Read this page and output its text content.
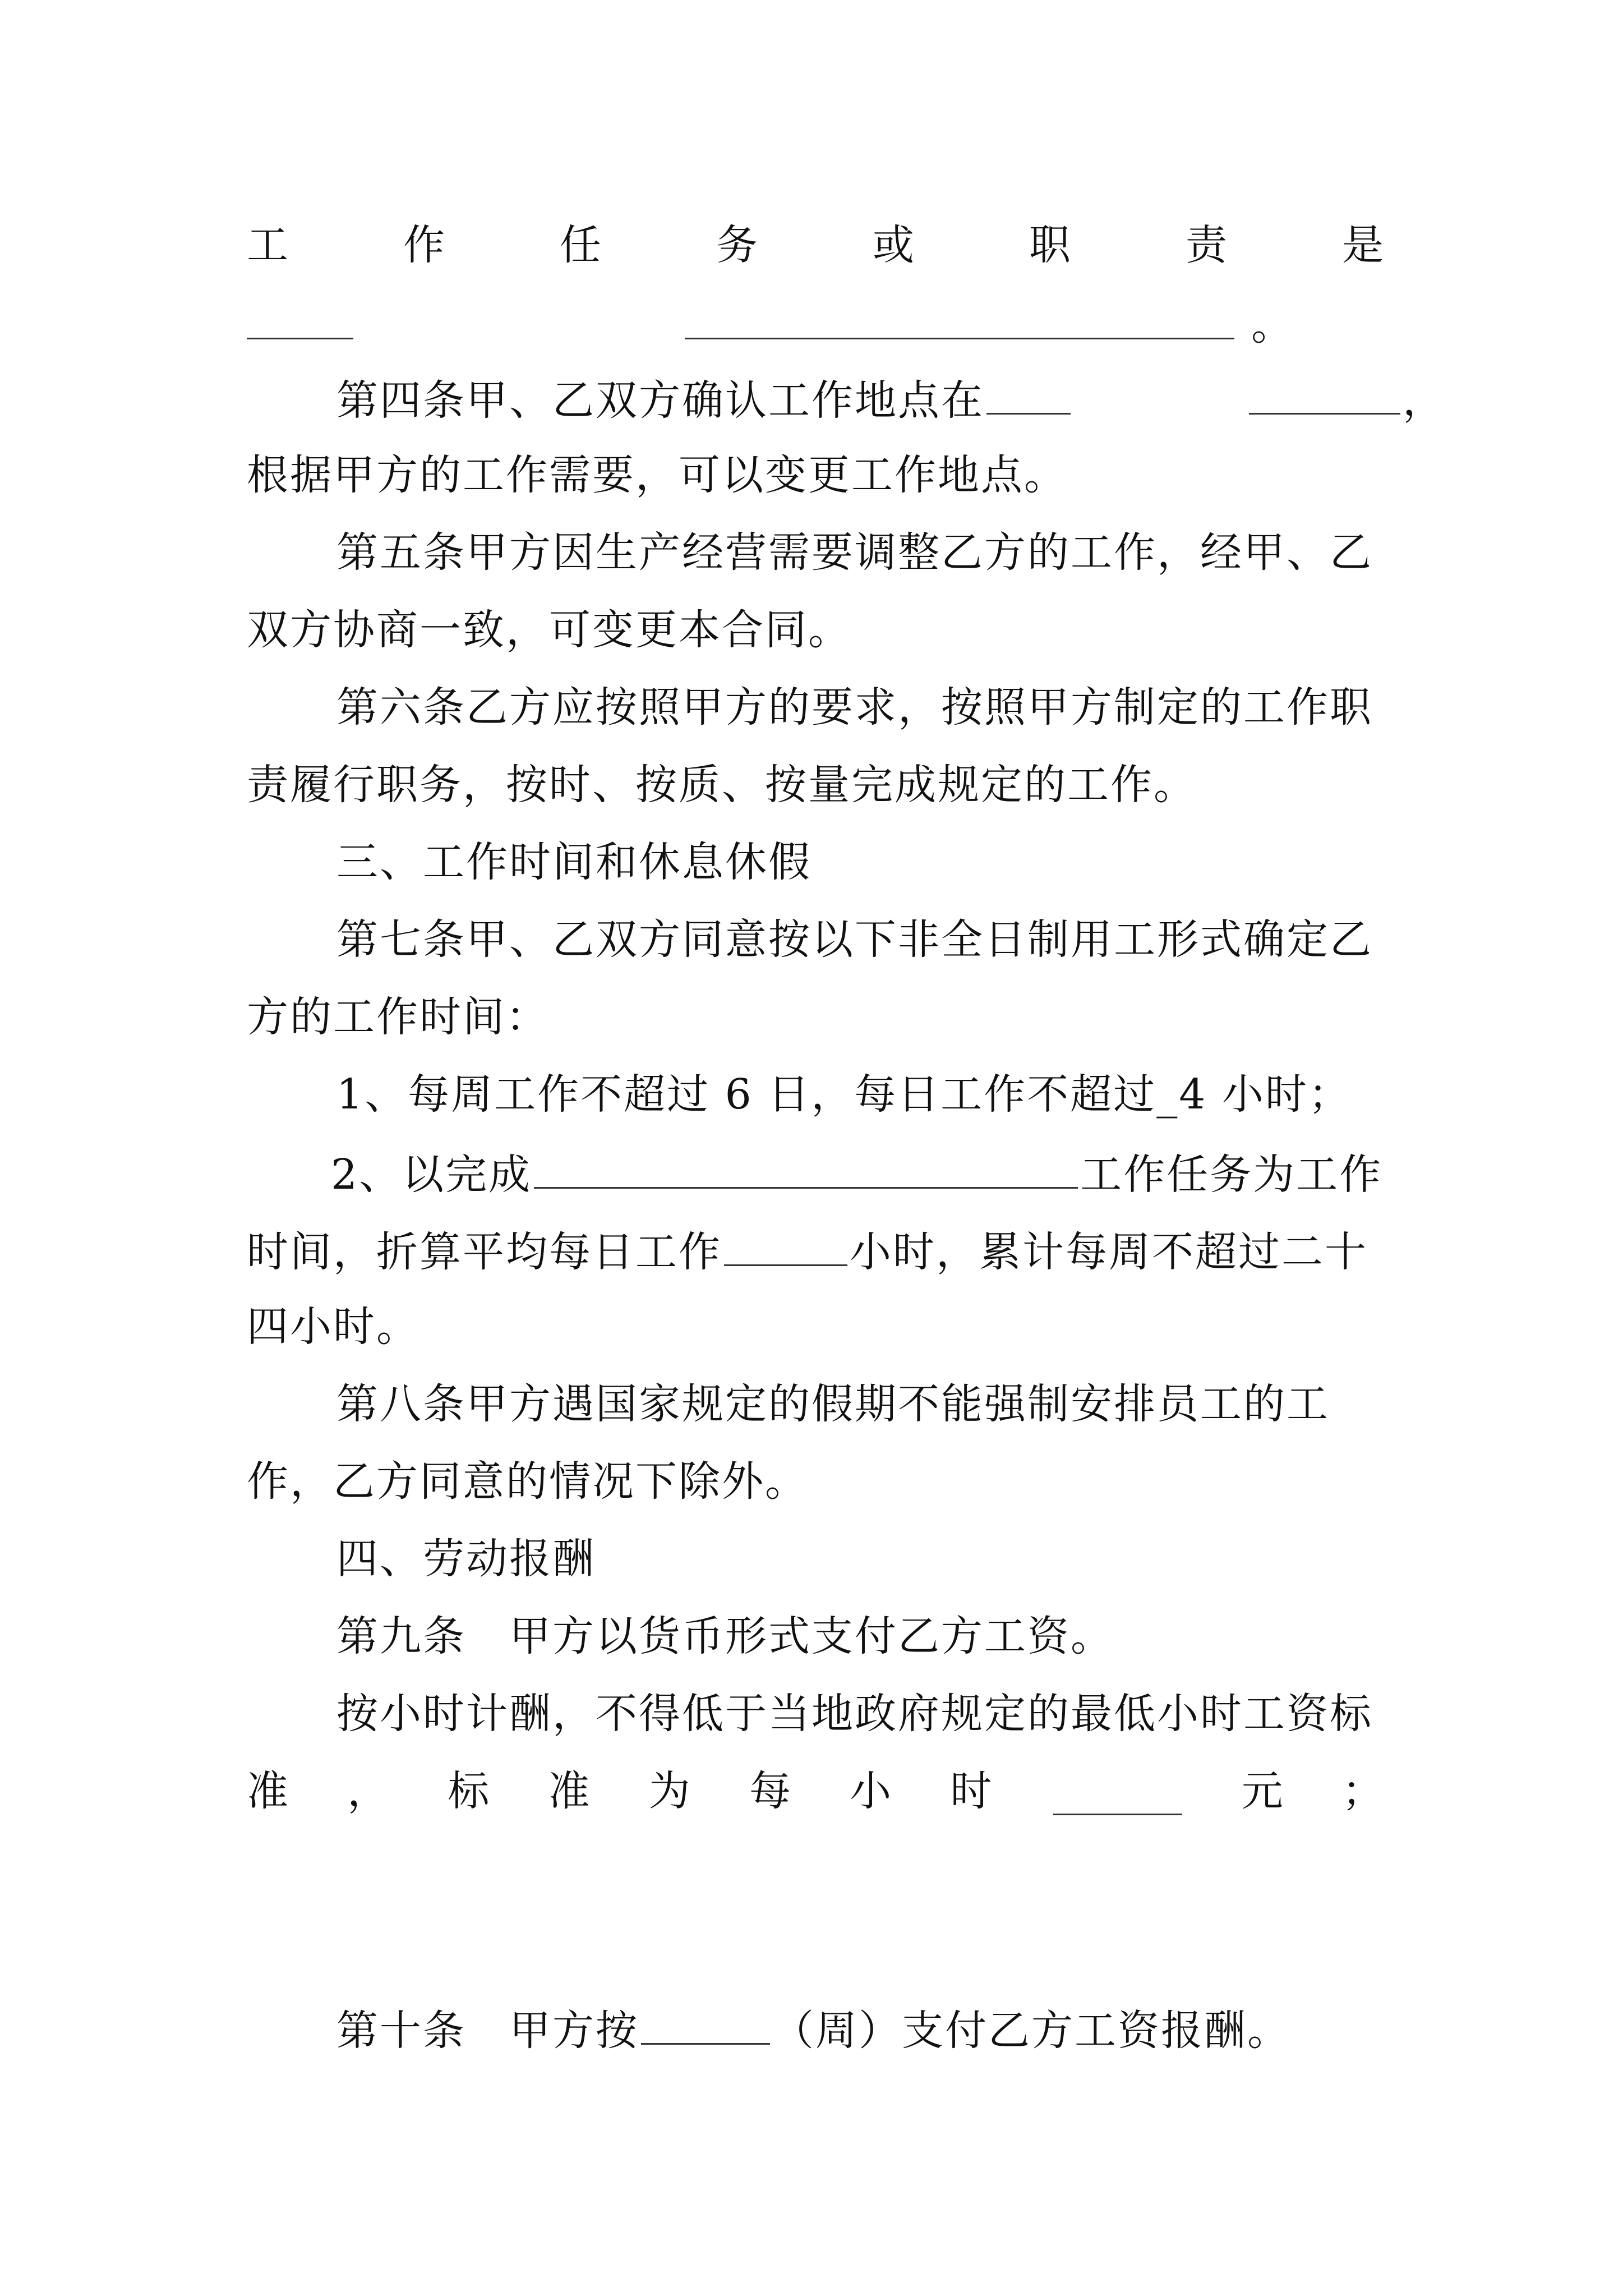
工	作	任	务	或	职	责	是
。
第四条甲、乙双方确认工作地点在	，
根据甲方的工作需要，可以变更工作地点。
第五条甲方因生产经营需要调整乙方的工作，经甲、乙
双方协商一致，可变更本合同。
第六条乙方应按照甲方的要求，按照甲方制定的工作职
责履行职务，按时、按质、按量完成规定的工作。
三、工作时间和休息休假
第七条甲、乙双方同意按以下非全日制用工形式确定乙
方的工作时间：
1、每周工作不超过 6 日，每日工作不超过_4 小时；
2、以完成	工作任务为工作
时间，折算平均每日工作	小时，累计每周不超过二十
四小时。
第八条甲方遇国家规定的假期不能强制安排员工的工
作，乙方同意的情况下除外。
四、劳动报酬
第九条　甲方以货币形式支付乙方工资。
按小时计酬，不得低于当地政府规定的最低小时工资标
准 ， 标 准 为 每 小 时	元 ；
第十条　甲方按	（周）支付乙方工资报酬。
